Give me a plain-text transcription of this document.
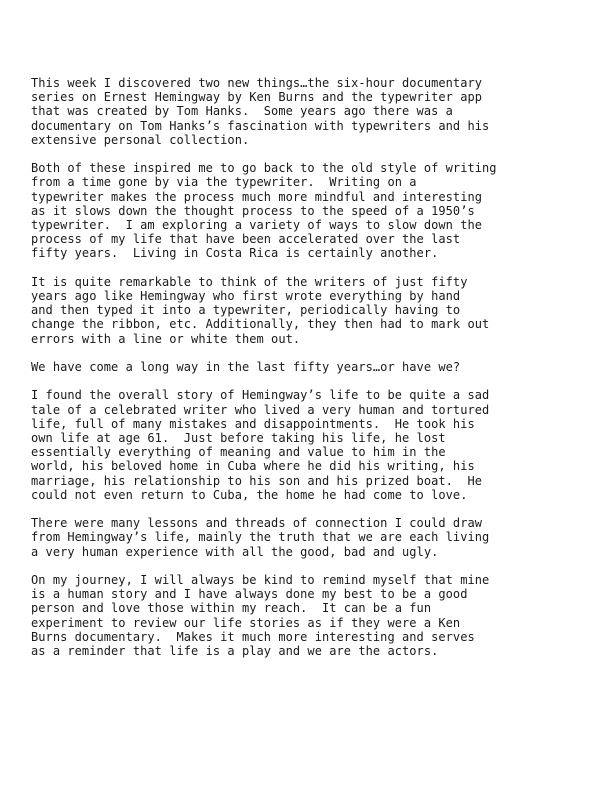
This week I discovered two new things…the six-hour documentary
series on Ernest Hemingway by Ken Burns and the typewriter app
that was created by Tom Hanks.  Some years ago there was a
documentary on Tom Hanks’s fascination with typewriters and his
extensive personal collection.

Both of these inspired me to go back to the old style of writing
from a time gone by via the typewriter.  Writing on a
typewriter makes the process much more mindful and interesting
as it slows down the thought process to the speed of a 1950’s
typewriter.  I am exploring a variety of ways to slow down the
process of my life that have been accelerated over the last
fifty years.  Living in Costa Rica is certainly another.

It is quite remarkable to think of the writers of just fifty
years ago like Hemingway who first wrote everything by hand
and then typed it into a typewriter, periodically having to
change the ribbon, etc. Additionally, they then had to mark out
errors with a line or white them out.

We have come a long way in the last fifty years…or have we?

I found the overall story of Hemingway’s life to be quite a sad
tale of a celebrated writer who lived a very human and tortured
life, full of many mistakes and disappointments.  He took his
own life at age 61.  Just before taking his life, he lost
essentially everything of meaning and value to him in the
world, his beloved home in Cuba where he did his writing, his
marriage, his relationship to his son and his prized boat.  He
could not even return to Cuba, the home he had come to love.

There were many lessons and threads of connection I could draw
from Hemingway’s life, mainly the truth that we are each living
a very human experience with all the good, bad and ugly.

On my journey, I will always be kind to remind myself that mine
is a human story and I have always done my best to be a good
person and love those within my reach.  It can be a fun
experiment to review our life stories as if they were a Ken
Burns documentary.  Makes it much more interesting and serves
as a reminder that life is a play and we are the actors.
